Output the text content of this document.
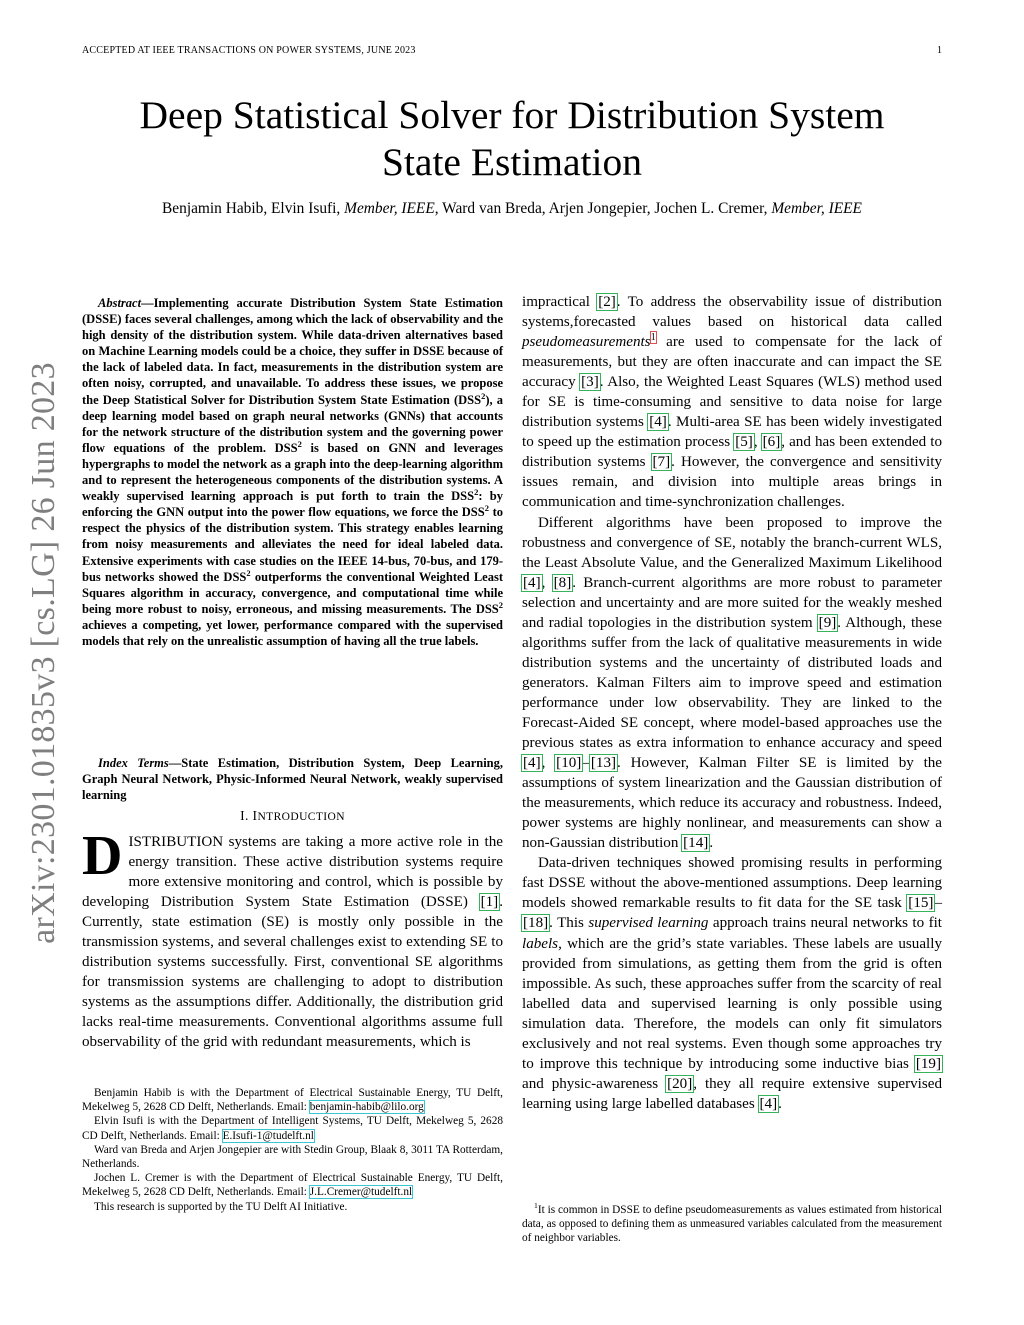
ACCEPTED AT IEEE TRANSACTIONS ON POWER SYSTEMS, JUNE 2023	1
Deep Statistical Solver for Distribution System
State Estimation
Benjamin Habib, Elvin Isufi, Member, IEEE, Ward van Breda, Arjen Jongepier, Jochen L. Cremer, Member, IEEE
arXiv:2301.01835v3 [cs.LG] 26 Jun 2023
Abstract—Implementing accurate Distribution System State Estimation (DSSE) faces several challenges, among which the lack of observability and the high density of the distribution system. While data-driven alternatives based on Machine Learning models could be a choice, they suffer in DSSE because of the lack of labeled data. In fact, measurements in the distribution system are often noisy, corrupted, and unavailable. To address these issues, we propose the Deep Statistical Solver for Distribution System State Estimation (DSS$^2$), a deep learning model based on graph neural networks (GNNs) that accounts for the network structure of the distribution system and the governing power flow equations of the problem. DSS$^2$ is based on GNN and leverages hypergraphs to model the network as a graph into the deep-learning algorithm and to represent the heterogeneous components of the distribution systems. A weakly supervised learning approach is put forth to train the DSS$^2$: by enforcing the GNN output into the power flow equations, we force the DSS$^2$ to respect the physics of the distribution system. This strategy enables learning from noisy measurements and alleviates the need for ideal labeled data. Extensive experiments with case studies on the IEEE 14-bus, 70-bus, and 179-bus networks showed the DSS$^2$ outperforms the conventional Weighted Least Squares algorithm in accuracy, convergence, and computational time while being more robust to noisy, erroneous, and missing measurements. The DSS$^2$ achieves a competing, yet lower, performance compared with the supervised models that rely on the unrealistic assumption of having all the true labels.
Index Terms—State Estimation, Distribution System, Deep Learning, Graph Neural Network, Physic-Informed Neural Network, weakly supervised learning
I. INTRODUCTION
DISTRIBUTION systems are taking a more active role in the energy transition. These active distribution systems require more extensive monitoring and control, which is possible by developing Distribution System State Estimation (DSSE) [1]. Currently, state estimation (SE) is mostly only possible in the transmission systems, and several challenges exist to extending SE to distribution systems successfully. First, conventional SE algorithms for transmission systems are challenging to adopt to distribution systems as the assumptions differ. Additionally, the distribution grid lacks real-time measurements. Conventional algorithms assume full observability of the grid with redundant measurements, which is

Benjamin Habib is with the Department of Electrical Sustainable Energy, TU Delft, Mekelweg 5, 2628 CD Delft, Netherlands. Email: benjamin-habib@lilo.org

Elvin Isufi is with the Department of Intelligent Systems, TU Delft, Mekelweg 5, 2628 CD Delft, Netherlands. Email: E.Isufi-1@tudelft.nl

Ward van Breda and Arjen Jongepier are with Stedin Group, Blaak 8, 3011 TA Rotterdam, Netherlands.

Jochen L. Cremer is with the Department of Electrical Sustainable Energy, TU Delft, Mekelweg 5, 2628 CD Delft, Netherlands. Email: J.L.Cremer@tudelft.nl

This research is supported by the TU Delft AI Initiative.

impractical [2]. To address the observability issue of distribution systems,forecasted values based on historical data called pseudomeasurements$^1$ are used to compensate for the lack of measurements, but they are often inaccurate and can impact the SE accuracy [3]. Also, the Weighted Least Squares (WLS) method used for SE is time-consuming and sensitive to data noise for large distribution systems [4]. Multi-area SE has been widely investigated to speed up the estimation process [5], [6], and has been extended to distribution systems [7]. However, the convergence and sensitivity issues remain, and division into multiple areas brings in communication and time-synchronization challenges.

Different algorithms have been proposed to improve the robustness and convergence of SE, notably the branch-current WLS, the Least Absolute Value, and the Generalized Maximum Likelihood [4], [8]. Branch-current algorithms are more robust to parameter selection and uncertainty and are more suited for the weakly meshed and radial topologies in the distribution system [9]. Although, these algorithms suffer from the lack of qualitative measurements in wide distribution systems and the uncertainty of distributed loads and generators. Kalman Filters aim to improve speed and estimation performance under low observability. They are linked to the Forecast-Aided SE concept, where model-based approaches use the previous states as extra information to enhance accuracy and speed [4], [10]–[13]. However, Kalman Filter SE is limited by the assumptions of system linearization and the Gaussian distribution of the measurements, which reduce its accuracy and robustness. Indeed, power systems are highly nonlinear, and measurements can show a non-Gaussian distribution [14].

Data-driven techniques showed promising results in performing fast DSSE without the above-mentioned assumptions. Deep learning models showed remarkable results to fit data for the SE task [15]–[18]. This supervised learning approach trains neural networks to fit labels, which are the grid’s state variables. These labels are usually provided from simulations, as getting them from the grid is often impossible. As such, these approaches suffer from the scarcity of real labelled data and supervised learning is only possible using simulation data. Therefore, the models can only fit simulators exclusively and not real systems. Even though some approaches try to improve this technique by introducing some inductive bias [19] and physic-awareness [20], they all require extensive supervised learning using large labelled databases [4].

$^1$It is common in DSSE to define pseudomeasurements as values estimated from historical data, as opposed to defining them as unmeasured variables calculated from the measurement of neighbor variables.
